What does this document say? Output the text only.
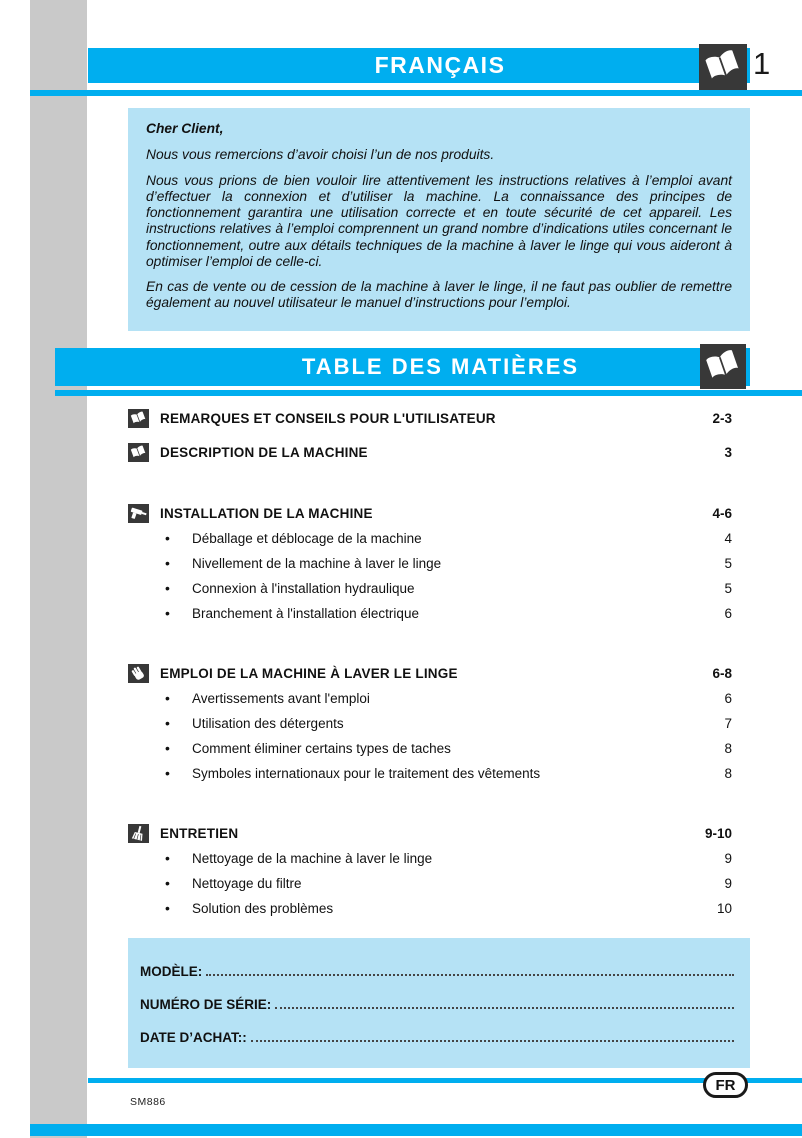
FRANÇAIS	1

Cher Client,

Nous vous remercions d’avoir choisi l’un de nos produits.

Nous vous prions de bien vouloir lire attentivement les instructions relatives à l’emploi avant d’effectuer la connexion et d’utiliser la machine. La connaissance des principes de fonctionnement garantira une utilisation correcte et en toute sécurité de cet appareil. Les instructions relatives à l’emploi comprennent un grand nombre d’indications utiles concernant le fonctionnement, outre aux détails techniques de la machine à laver le linge qui vous aideront à optimiser l’emploi de celle-ci.

En cas de vente ou de cession de la machine à laver le linge, il ne faut pas oublier de remettre également au nouvel utilisateur le manuel d’instructions pour l’emploi.

TABLE DES MATIÈRES
REMARQUES ET CONSEILS POUR L'UTILISATEUR	2-3
DESCRIPTION DE LA MACHINE	3
INSTALLATION DE LA MACHINE	4-6
•	Déballage et déblocage de la machine	4
•	Nivellement de la machine à laver le linge	5
•	Connexion à l'installation hydraulique	5
•	Branchement à l'installation électrique	6
EMPLOI DE LA MACHINE À LAVER LE LINGE	6-8
•	Avertissements avant l'emploi	6
•	Utilisation des détergents	7
•	Comment éliminer certains types de taches	8
•	Symboles internationaux pour le traitement des vêtements	8
ENTRETIEN	9-10
•	Nettoyage de la machine à laver le linge	9
•	Nettoyage du filtre	9
•	Solution des problèmes	10
MODÈLE:
NUMÉRO DE SÉRIE:
DATE D’ACHAT::
SM886
FR
